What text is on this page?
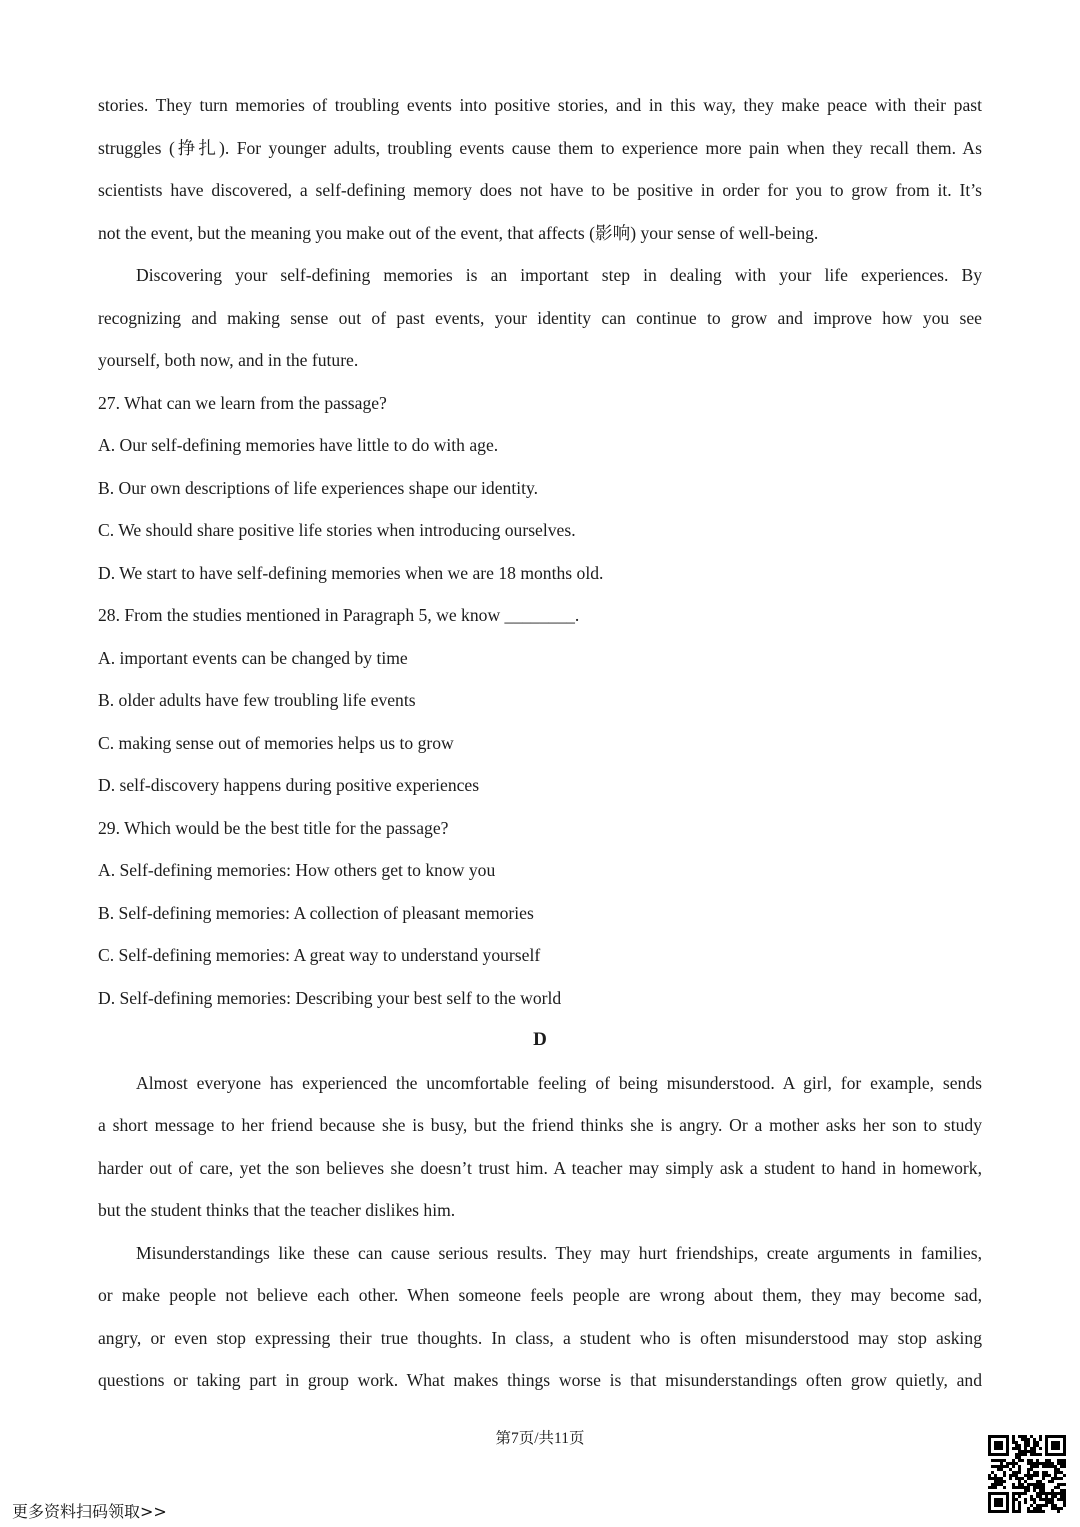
stories. They turn memories of troubling events into positive stories, and in this way, they make peace with their past
struggles (挣扎). For younger adults, troubling events cause them to experience more pain when they recall them. As
scientists have discovered, a self-defining memory does not have to be positive in order for you to grow from it. It’s
not the event, but the meaning you make out of the event, that affects (影响) your sense of well-being.
Discovering your self-defining memories is an important step in dealing with your life experiences. By
recognizing and making sense out of past events, your identity can continue to grow and improve how you see
yourself, both now, and in the future.
27. What can we learn from the passage?
A. Our self-defining memories have little to do with age.
B. Our own descriptions of life experiences shape our identity.
C. We should share positive life stories when introducing ourselves.
D. We start to have self-defining memories when we are 18 months old.
28. From the studies mentioned in Paragraph 5, we know ________.
A. important events can be changed by time
B. older adults have few troubling life events
C. making sense out of memories helps us to grow
D. self-discovery happens during positive experiences
29. Which would be the best title for the passage?
A. Self-defining memories: How others get to know you
B. Self-defining memories: A collection of pleasant memories
C. Self-defining memories: A great way to understand yourself
D. Self-defining memories: Describing your best self to the world
D
Almost everyone has experienced the uncomfortable feeling of being misunderstood. A girl, for example, sends
a short message to her friend because she is busy, but the friend thinks she is angry. Or a mother asks her son to study
harder out of care, yet the son believes she doesn’t trust him. A teacher may simply ask a student to hand in homework,
but the student thinks that the teacher dislikes him.
Misunderstandings like these can cause serious results. They may hurt friendships, create arguments in families,
or make people not believe each other. When someone feels people are wrong about them, they may become sad,
angry, or even stop expressing their true thoughts. In class, a student who is often misunderstood may stop asking
questions or taking part in group work. What makes things worse is that misunderstandings often grow quietly, and
第7页/共11页
更多资料扫码领取>>
